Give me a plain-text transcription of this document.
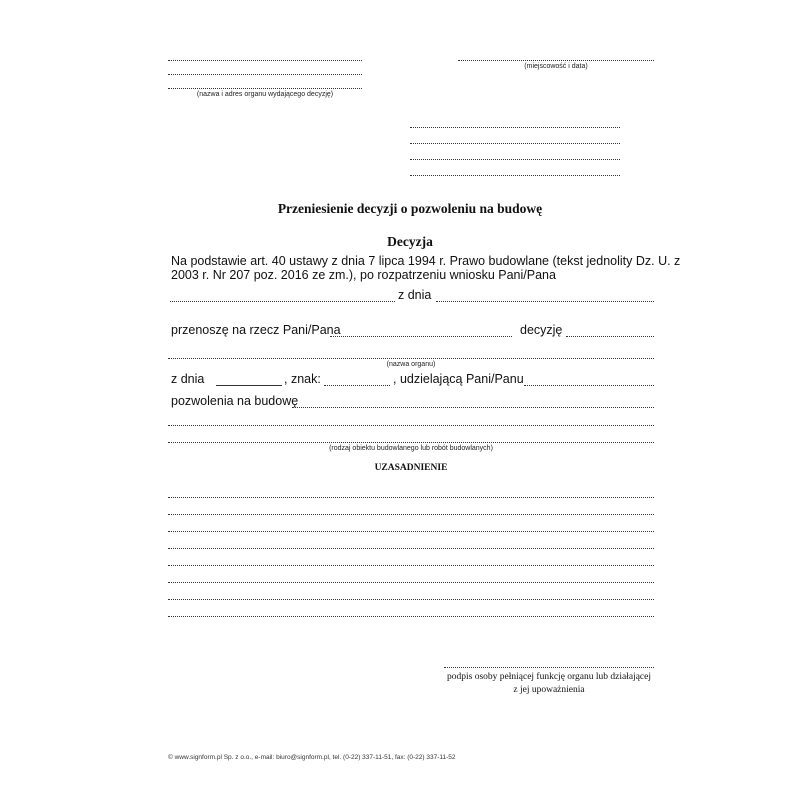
(nazwa i adres organu wydającego decyzję)
(miejscowość i data)
Przeniesienie decyzji o pozwoleniu na budowę
Decyzja
Na podstawie art. 40 ustawy z dnia 7 lipca 1994 r. Prawo budowlane (tekst jednolity Dz. U. z
2003 r. Nr 207 poz. 2016 ze zm.), po rozpatrzeniu wniosku Pani/Pana
z dnia
przenoszę na rzecz Pani/Pana	decyzję
(nazwa organu)
z dnia	, znak:	, udzielającą Pani/Panu
pozwolenia na budowę
(rodzaj obiektu budowlanego lub robót budowlanych)
UZASADNIENIE
podpis osoby pełniącej funkcję organu lub działającej
z jej upoważnienia
© www.signform.pl Sp. z o.o., e-mail: biuro@signform.pl, tel. (0-22) 337-11-51, fax: (0-22) 337-11-52
